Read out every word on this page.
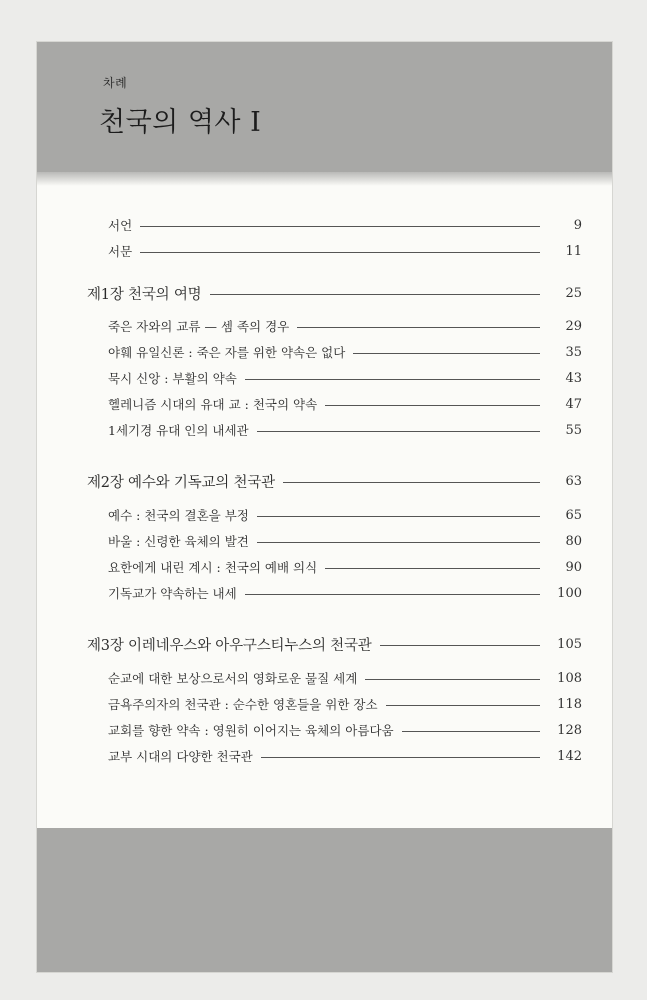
차례
천국의 역사 I
서언	9
서문	11
제1장 천국의 여명	25
죽은 자와의 교류 — 셈 족의 경우	29
야훼 유일신론 : 죽은 자를 위한 약속은 없다	35
묵시 신앙 : 부활의 약속	43
헬레니즘 시대의 유대 교 : 천국의 약속	47
1세기경 유대 인의 내세관	55
제2장 예수와 기독교의 천국관	63
예수 : 천국의 결혼을 부정	65
바울 : 신령한 육체의 발견	80
요한에게 내린 계시 : 천국의 예배 의식	90
기독교가 약속하는 내세	100
제3장 이레네우스와 아우구스티누스의 천국관	105
순교에 대한 보상으로서의 영화로운 물질 세계	108
금욕주의자의 천국관 : 순수한 영혼들을 위한 장소	118
교회를 향한 약속 : 영원히 이어지는 육체의 아름다움	128
교부 시대의 다양한 천국관	142
